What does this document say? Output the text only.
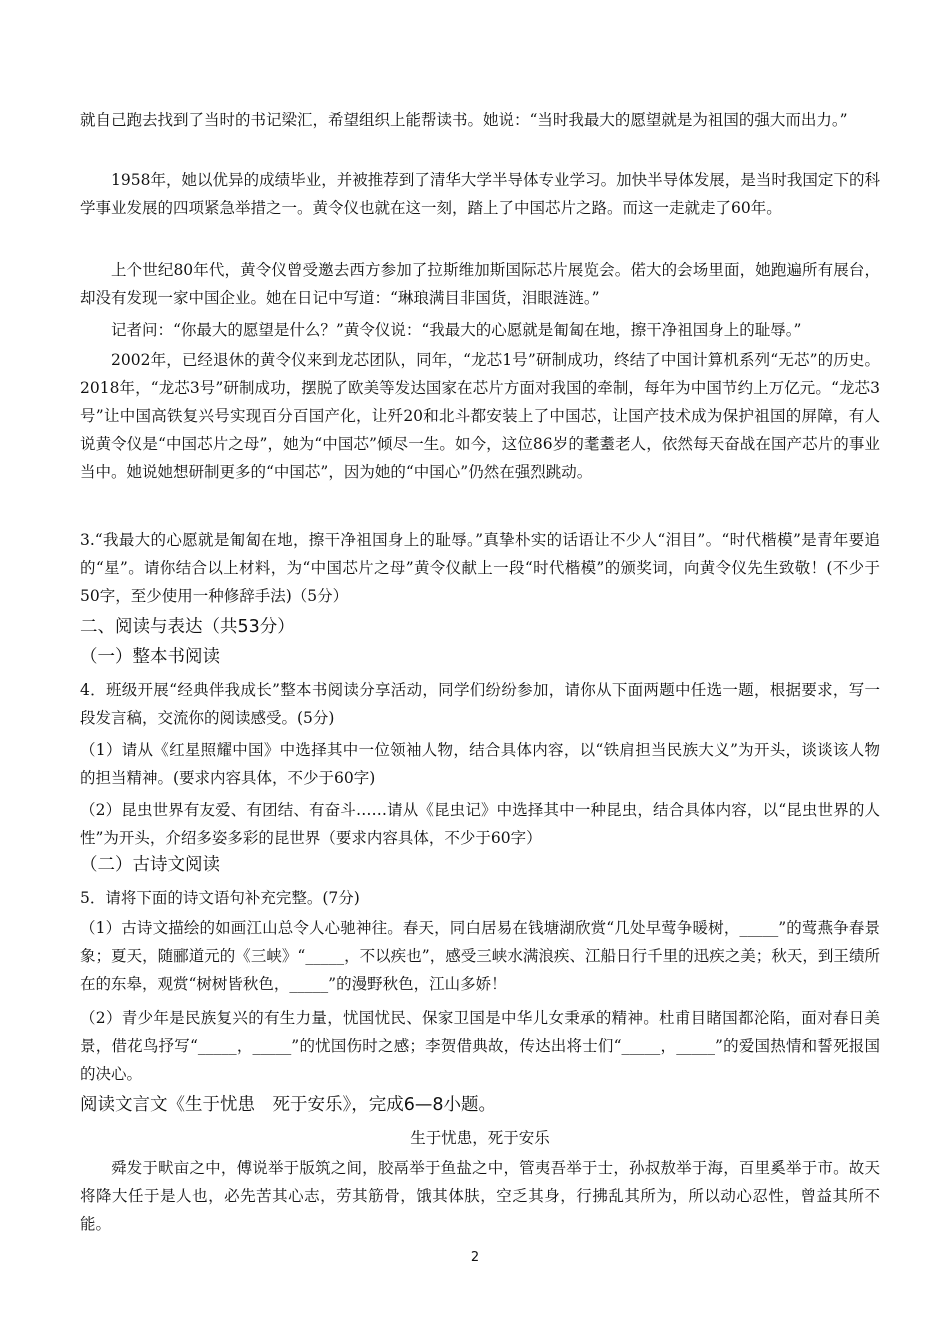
就自己跑去找到了当时的书记梁汇，希望组织上能帮读书。她说：“当时我最大的愿望就是为祖国的强大而出力。”
1958年，她以优异的成绩毕业，并被推荐到了清华大学半导体专业学习。加快半导体发展，是当时我国定下的科学事业发展的四项紧急举措之一。黄令仪也就在这一刻，踏上了中国芯片之路。而这一走就走了60年。
上个世纪80年代，黄令仪曾受邀去西方参加了拉斯维加斯国际芯片展览会。偌大的会场里面，她跑遍所有展台，却没有发现一家中国企业。她在日记中写道：“琳琅满目非国货，泪眼涟涟。”
记者问：“你最大的愿望是什么？”黄令仪说：“我最大的心愿就是匍匐在地，擦干净祖国身上的耻辱。”
2002年，已经退休的黄令仪来到龙芯团队，同年，“龙芯1号”研制成功，终结了中国计算机系列“无芯”的历史。2018年，“龙芯3号”研制成功，摆脱了欧美等发达国家在芯片方面对我国的牵制，每年为中国节约上万亿元。“龙芯3号”让中国高铁复兴号实现百分百国产化，让歼20和北斗都安装上了中国芯，让国产技术成为保护祖国的屏障，有人说黄令仪是“中国芯片之母”，她为“中国芯”倾尽一生。如今，这位86岁的耄耋老人，依然每天奋战在国产芯片的事业当中。她说她想研制更多的“中国芯”，因为她的“中国心”仍然在强烈跳动。
3.“我最大的心愿就是匍匐在地，擦干净祖国身上的耻辱。”真挚朴实的话语让不少人“泪目”。“时代楷模”是青年要追的“星”。请你结合以上材料，为“中国芯片之母”黄令仪献上一段“时代楷模”的颁奖词，向黄令仪先生致敬！(不少于50字，至少使用一种修辞手法)（5分）
二、阅读与表达（共53分）
（一）整本书阅读
4．班级开展“经典伴我成长”整本书阅读分享活动，同学们纷纷参加，请你从下面两题中任选一题，根据要求，写一段发言稿，交流你的阅读感受。(5分)
（1）请从《红星照耀中国》中选择其中一位领袖人物，结合具体内容，以“铁肩担当民族大义”为开头，谈谈该人物的担当精神。(要求内容具体，不少于60字)
（2）昆虫世界有友爱、有团结、有奋斗……请从《昆虫记》中选择其中一种昆虫，结合具体内容，以“昆虫世界的人性”为开头，介绍多姿多彩的昆世界（要求内容具体，不少于60字）
（二）古诗文阅读
5．请将下面的诗文语句补充完整。(7分)
（1）古诗文描绘的如画江山总令人心驰神往。春天，同白居易在钱塘湖欣赏“几处早莺争暖树，_____”的莺燕争春景象；夏天，随郦道元的《三峡》“_____，不以疾也”，感受三峡水满浪疾、江船日行千里的迅疾之美；秋天，到王绩所在的东皋，观赏“树树皆秋色，_____”的漫野秋色，江山多娇！
（2）青少年是民族复兴的有生力量，忧国忧民、保家卫国是中华儿女秉承的精神。杜甫目睹国都沦陷，面对春日美景，借花鸟抒写“_____，_____”的忧国伤时之感；李贺借典故，传达出将士们“_____，_____”的爱国热情和誓死报国的决心。
阅读文言文《生于忧患　死于安乐》，完成6—8小题。
生于忧患，死于安乐
舜发于畎亩之中，傅说举于版筑之间，胶鬲举于鱼盐之中，管夷吾举于士，孙叔敖举于海，百里奚举于市。故天将降大任于是人也，必先苦其心志，劳其筋骨，饿其体肤，空乏其身，行拂乱其所为，所以动心忍性，曾益其所不能。
2
